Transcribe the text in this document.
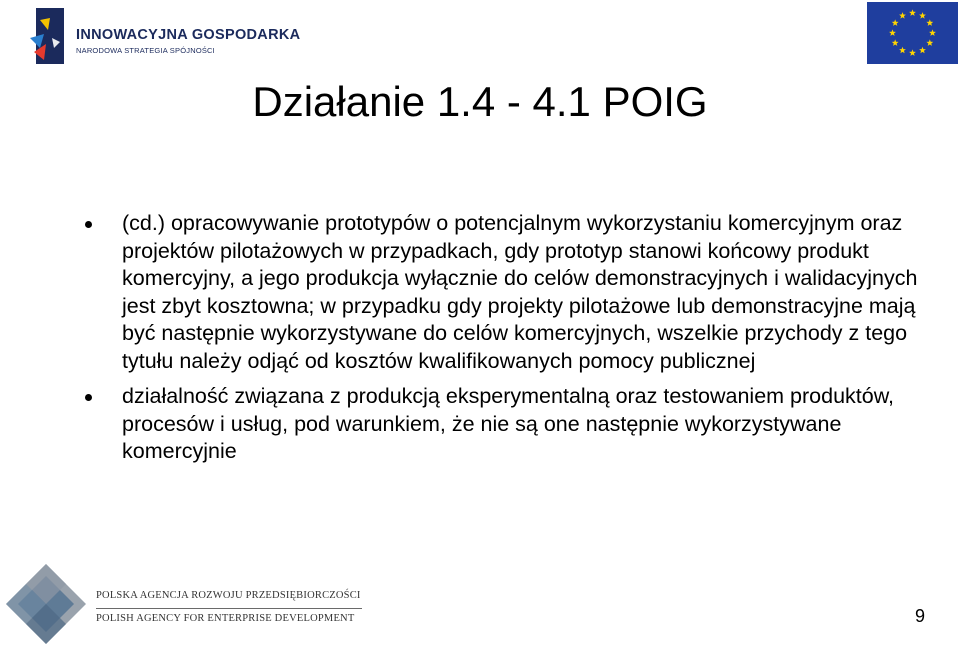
INNOWACYJNA GOSPODARKA
NARODOWA STRATEGIA SPÓJNOŚCI
Działanie 1.4 - 4.1 POIG
(cd.) opracowywanie prototypów o potencjalnym wykorzystaniu komercyjnym oraz projektów pilotażowych w przypadkach, gdy prototyp stanowi końcowy produkt komercyjny, a jego produkcja wyłącznie do celów demonstracyjnych i walidacyjnych jest zbyt kosztowna; w przypadku gdy projekty pilotażowe lub demonstracyjne mają być następnie wykorzystywane do celów komercyjnych, wszelkie przychody z tego tytułu należy odjąć od kosztów kwalifikowanych pomocy publicznej
działalność związana z produkcją eksperymentalną oraz testowaniem produktów, procesów i usług, pod warunkiem, że nie są one następnie wykorzystywane komercyjnie
POLSKA AGENCJA ROZWOJU PRZEDSIĘBIORCZOŚCI
POLISH AGENCY FOR ENTERPRISE DEVELOPMENT	9
